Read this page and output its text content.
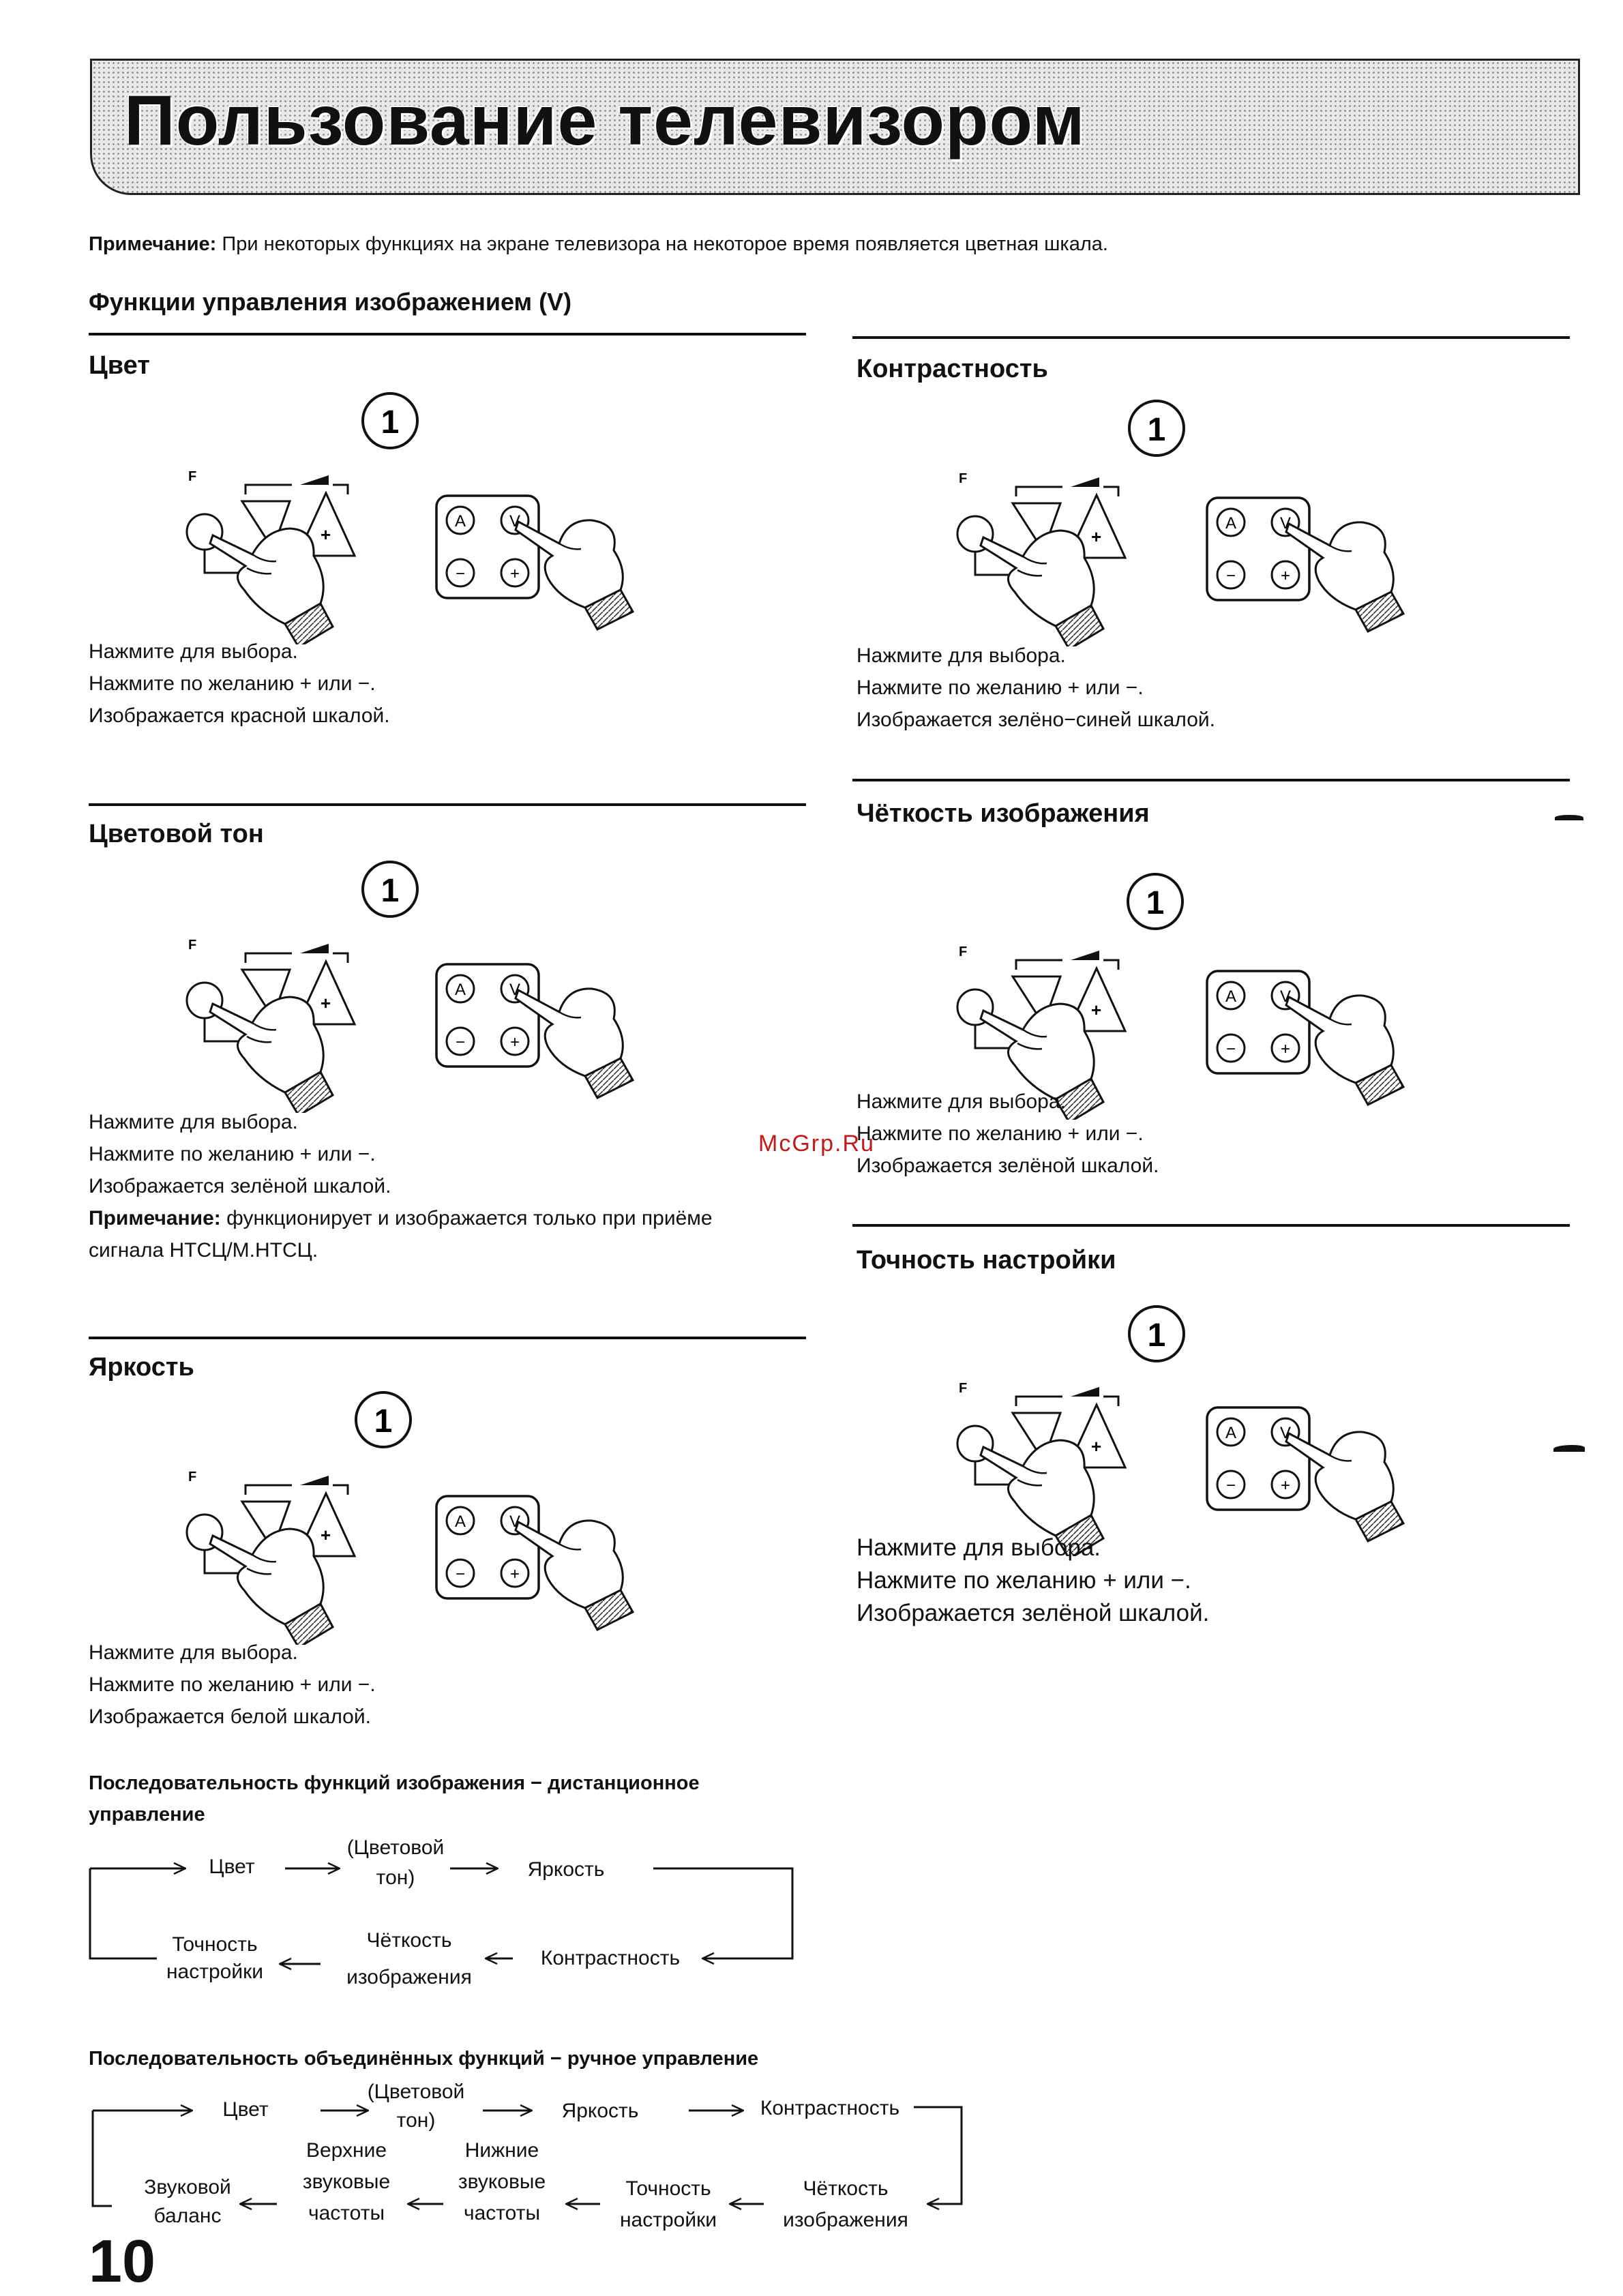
Пользование телевизором
Примечание: При некоторых функциях на экране телевизора на некоторое время появляется цветная шкала.
Функции управления изображением (V)
Цвет
1
Нажмите для выбора.
Нажмите по желанию + или −.
Изображается красной шкалой.
Цветовой тон
1
Нажмите для выбора.
Нажмите по желанию + или −.
Изображается зелёной шкалой.
Примечание: функционирует и изображается только при приёме
сигнала НТСЦ/М.НТСЦ.
Яркость
1
Нажмите для выбора.
Нажмите по желанию + или −.
Изображается белой шкалой.
Контрастность
1
Нажмите для выбора.
Нажмите по желанию + или −.
Изображается зелёно−синей шкалой.
Чёткость изображения
1
Нажмите для выбора.
Нажмите по желанию + или −.
Изображается зелёной шкалой.
Точность настройки
1
Нажмите для выбора.
Нажмите по желанию + или −.
Изображается зелёной шкалой.
Последовательность функций изображения − дистанционное
управление
Цвет
(Цветовой
тон)	Яркость
Точность
настройки
Чёткость
изображения
Контрастность
Последовательность объединённых функций − ручное управление
Цвет
(Цветовой
тон)	Яркость	Контрастность
Звуковой
баланс
Верхние
звуковые
частоты
Нижние
звуковые
частоты
Точность
настройки
Чёткость
изображения
McGrp.Ru
10
